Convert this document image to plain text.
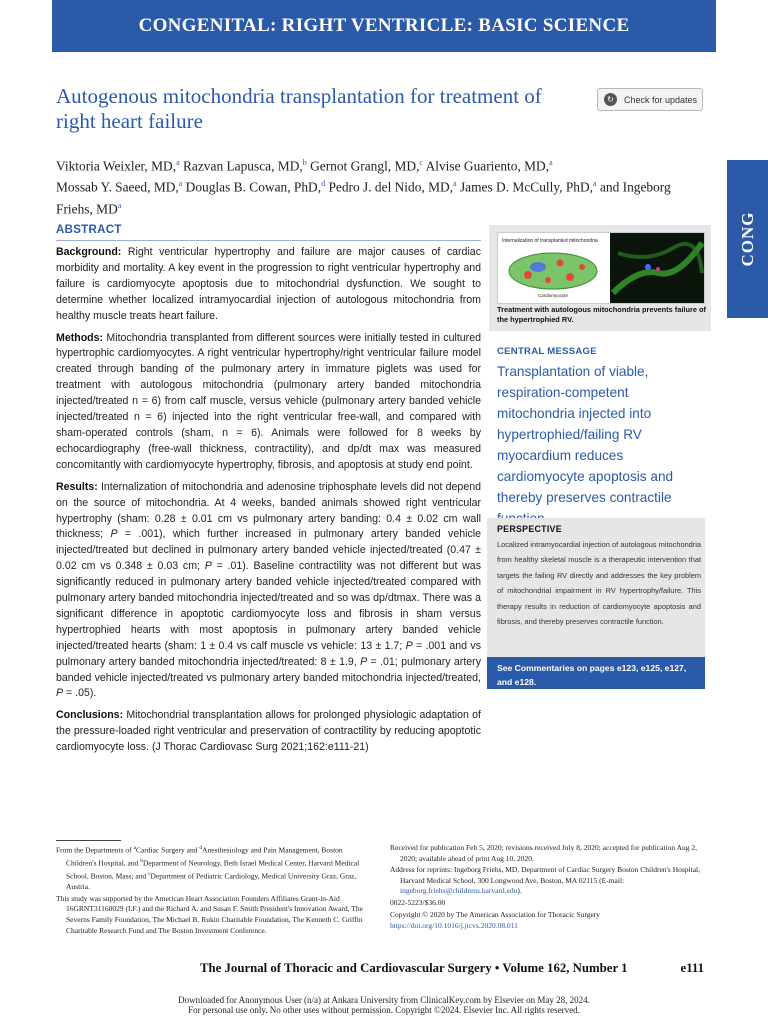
CONGENITAL: RIGHT VENTRICLE: BASIC SCIENCE
CONG
Autogenous mitochondria transplantation for treatment of right heart failure
↻	Check for updates
Viktoria Weixler, MD,$^a$ Razvan Lapusca, MD,$^b$ Gernot Grangl, MD,$^c$ Alvise Guariento, MD,$^a$
Mossab Y. Saeed, MD,$^a$ Douglas B. Cowan, PhD,$^d$ Pedro J. del Nido, MD,$^a$ James D. McCully, PhD,$^a$ and Ingeborg Friehs, $MD^a$
ABSTRACT

Background: Right ventricular hypertrophy and failure are major causes of cardiac morbidity and mortality. A key event in the progression to right ventricular hypertrophy and failure is cardiomyocyte apoptosis due to mitochondrial dysfunction. We sought to determine whether localized intramyocardial injection of autologous mitochondria from healthy muscle treats heart failure.

Methods: Mitochondria transplanted from different sources were initially tested in cultured hypertrophic cardiomyocytes. A right ventricular hypertrophy/right ventricular failure model created through banding of the pulmonary artery in immature piglets was used for treatment with autologous mitochondria (pulmonary artery banded mitochondria injected/treated n = 6) from calf muscle, versus vehicle (pulmonary artery banded vehicle injected/treated n = 6) injected into the right ventricular free-wall, and compared with sham-operated controls (sham, n = 6). Animals were followed for 8 weeks by echocardiography (free-wall thickness, contractility), and dp/dt max was measured concomitantly with cardiomyocyte hypertrophy, fibrosis, and apoptosis at study end point.

Results: Internalization of mitochondria and adenosine triphosphate levels did not depend on the source of mitochondria. At 4 weeks, banded animals showed right ventricular hypertrophy (sham: 0.28 ± 0.01 cm vs pulmonary artery banding: 0.4 ± 0.02 cm wall thickness; P = .001), which further increased in pulmonary artery banded vehicle injected/treated but declined in pulmonary artery banded vehicle injected/treated (0.47 ± 0.02 cm vs 0.348 ± 0.03 cm; P = .01). Baseline contractility was not different but was significantly reduced in pulmonary artery banded vehicle injected/treated compared with pulmonary artery banded mitochondria injected/treated and so was dp/dtmax. There was a significant difference in apoptotic cardiomyocyte loss and fibrosis in sham versus hypertrophied hearts with most apoptosis in pulmonary artery banded vehicle injected/treated hearts (sham: 1 ± 0.4 vs calf muscle vs vehicle: 13 ± 1.7; P = .001 and vs pulmonary artery banded mitochondria injected/treated: 8 ± 1.9, P = .01; pulmonary artery banded vehicle injected/treated vs pulmonary artery banded mitochondria injected/treated, P = .05).

Conclusions: Mitochondrial transplantation allows for prolonged physiologic adaptation of the pressure-loaded right ventricular and preservation of contractility by reducing apoptotic cardiomyocyte loss. (J Thorac Cardiovasc Surg 2021;162:e111-21)

Internalization of transplanted mitochondria
Cardiomyocyte
Treatment with autologous mitochondria prevents failure of the hypertrophied RV.
CENTRAL MESSAGE
Transplantation of viable, respiration-competent mitochondria injected into hypertrophied/failing RV myocardium reduces cardiomyocyte apoptosis and thereby preserves contractile
PERSPECTIVE
Localized intramyocardial injection of autologous mitochondria from healthy skeletal muscle is a therapeutic intervention that targets the failing RV directly and addresses the key problem of mitochondrial impairment in RV hypertrophy/failure. This therapy results in reduction of cardiomyocyte apoptosis and fibrosis, and thereby preserves contractile function.
See Commentaries on pages e123, e125, e127, and e128.

From the Departments of $^a$Cardiac Surgery and $^d$Anesthesiology and Pain Management, Boston Children's Hospital, and $^b$Department of Neurology, Beth Israel Medical Center, Harvard Medical School, Boston, Mass; and $^c$Department of Pediatric Cardiology, Medical University Graz, Graz, Austria.

This study was supported by the American Heart Association Founders Affiliates Grant-in-Aid 16GRNT31160029 (I.F.) and the Richard A. and Susan F. Smith President's Innovation Award, The Severns Family Foundation, The Michael B. Rukin Charitable Foundation, The Kenneth C. Griffin Charitable Research Fund and The Boston Investment Conference.

Received for publication Feb 5, 2020; revisions received July 8, 2020; accepted for publication Aug 2, 2020; available ahead of print Aug 10, 2020.

Address for reprints: Ingeborg Friehs, MD, Department of Cardiac Surgery Boston Children's Hospital, Harvard Medical School, 300 Longwood Ave, Boston, MA 02115 (E-mail: ingeborg.friehs@childrens.harvard.edu).

0022-5223/$36.00

Copyright © 2020 by The American Association for Thoracic Surgery

https://doi.org/10.1016/j.jtcvs.2020.08.011

The Journal of Thoracic and Cardiovascular Surgery • Volume 162, Number 1	e111
Downloaded for Anonymous User (n/a) at Ankara University from ClinicalKey.com by Elsevier on May 28, 2024.
For personal use only. No other uses without permission. Copyright ©2024. Elsevier Inc. All rights reserved.
